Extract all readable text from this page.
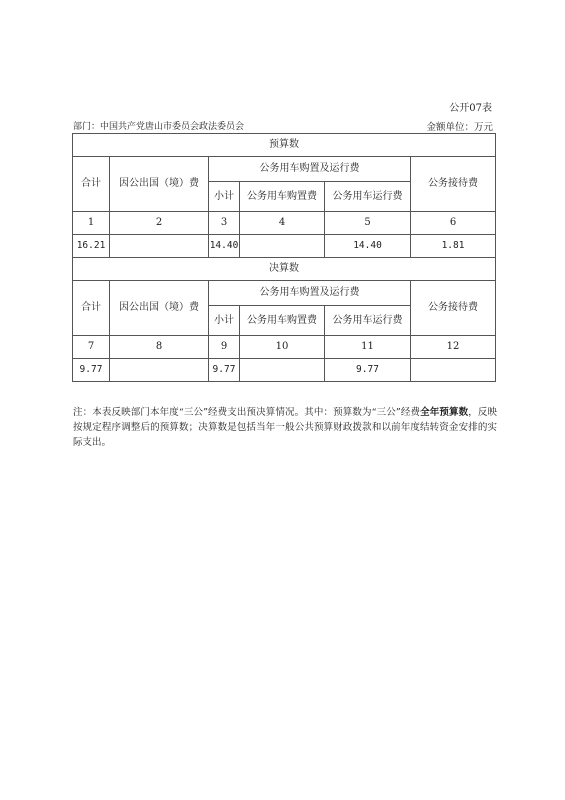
公开07表
部门：中国共产党唐山市委员会政法委员会	金额单位：万元
预算数					
合计	因公出国（境）费	公务用车购置及运行费			公务接待费
		小计	公务用车购置费	公务用车运行费	
1	2	3	4	5	6
16.21		14.40		14.40	1.81
决算数					
合计	因公出国（境）费	公务用车购置及运行费			公务接待费
		小计	公务用车购置费	公务用车运行费	
7	8	9	10	11	12
9.77		9.77		9.77	
注：本表反映部门本年度“三公”经费支出预决算情况。其中：预算数为“三公”经费全年预算数，反映按规定程序调整后的预算数；决算数是包括当年一般公共预算财政拨款和以前年度结转资金安排的实际支出。
